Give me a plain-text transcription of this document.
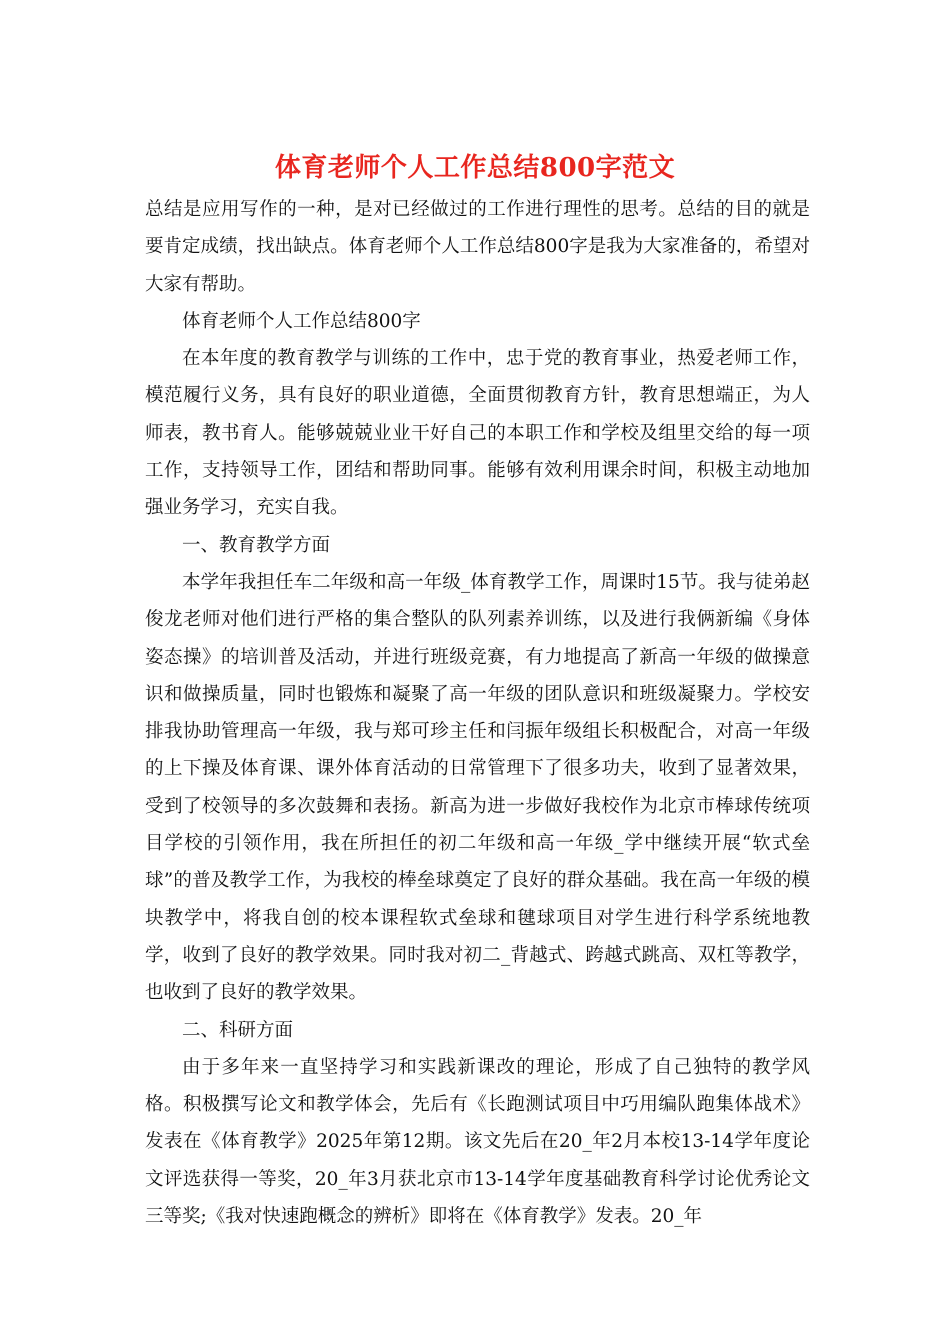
体育老师个人工作总结800字范文

总结是应用写作的一种，是对已经做过的工作进行理性的思考。总结的目的就是要肯定成绩，找出缺点。体育老师个人工作总结800字是我为大家准备的，希望对大家有帮助。

体育老师个人工作总结800字

在本年度的教育教学与训练的工作中，忠于党的教育事业，热爱老师工作，模范履行义务，具有良好的职业道德，全面贯彻教育方针，教育思想端正，为人师表，教书育人。能够兢兢业业干好自己的本职工作和学校及组里交给的每一项工作，支持领导工作，团结和帮助同事。能够有效利用课余时间，积极主动地加强业务学习，充实自我。

一、教育教学方面

本学年我担任车二年级和高一年级_体育教学工作，周课时15节。我与徒弟赵俊龙老师对他们进行严格的集合整队的队列素养训练，以及进行我俩新编《身体姿态操》的培训普及活动，并进行班级竞赛，有力地提高了新高一年级的做操意识和做操质量，同时也锻炼和凝聚了高一年级的团队意识和班级凝聚力。学校安排我协助管理高一年级，我与郑可珍主任和闫振年级组长积极配合，对高一年级的上下操及体育课、课外体育活动的日常管理下了很多功夫，收到了显著效果，受到了校领导的多次鼓舞和表扬。新高为进一步做好我校作为北京市棒球传统项目学校的引领作用，我在所担任的初二年级和高一年级_学中继续开展“软式垒球”的普及教学工作，为我校的棒垒球奠定了良好的群众基础。我在高一年级的模块教学中，将我自创的校本课程软式垒球和毽球项目对学生进行科学系统地教学，收到了良好的教学效果。同时我对初二_背越式、跨越式跳高、双杠等教学，也收到了良好的教学效果。

二、科研方面

由于多年来一直坚持学习和实践新课改的理论，形成了自己独特的教学风格。积极撰写论文和教学体会，先后有《长跑测试项目中巧用编队跑集体战术》发表在《体育教学》2025年第12期。该文先后在20_年2月本校13-14学年度论文评选获得一等奖，20_年3月获北京市13-14学年度基础教育科学讨论优秀论文三等奖;《我对快速跑概念的辨析》即将在《体育教学》发表。20_年
